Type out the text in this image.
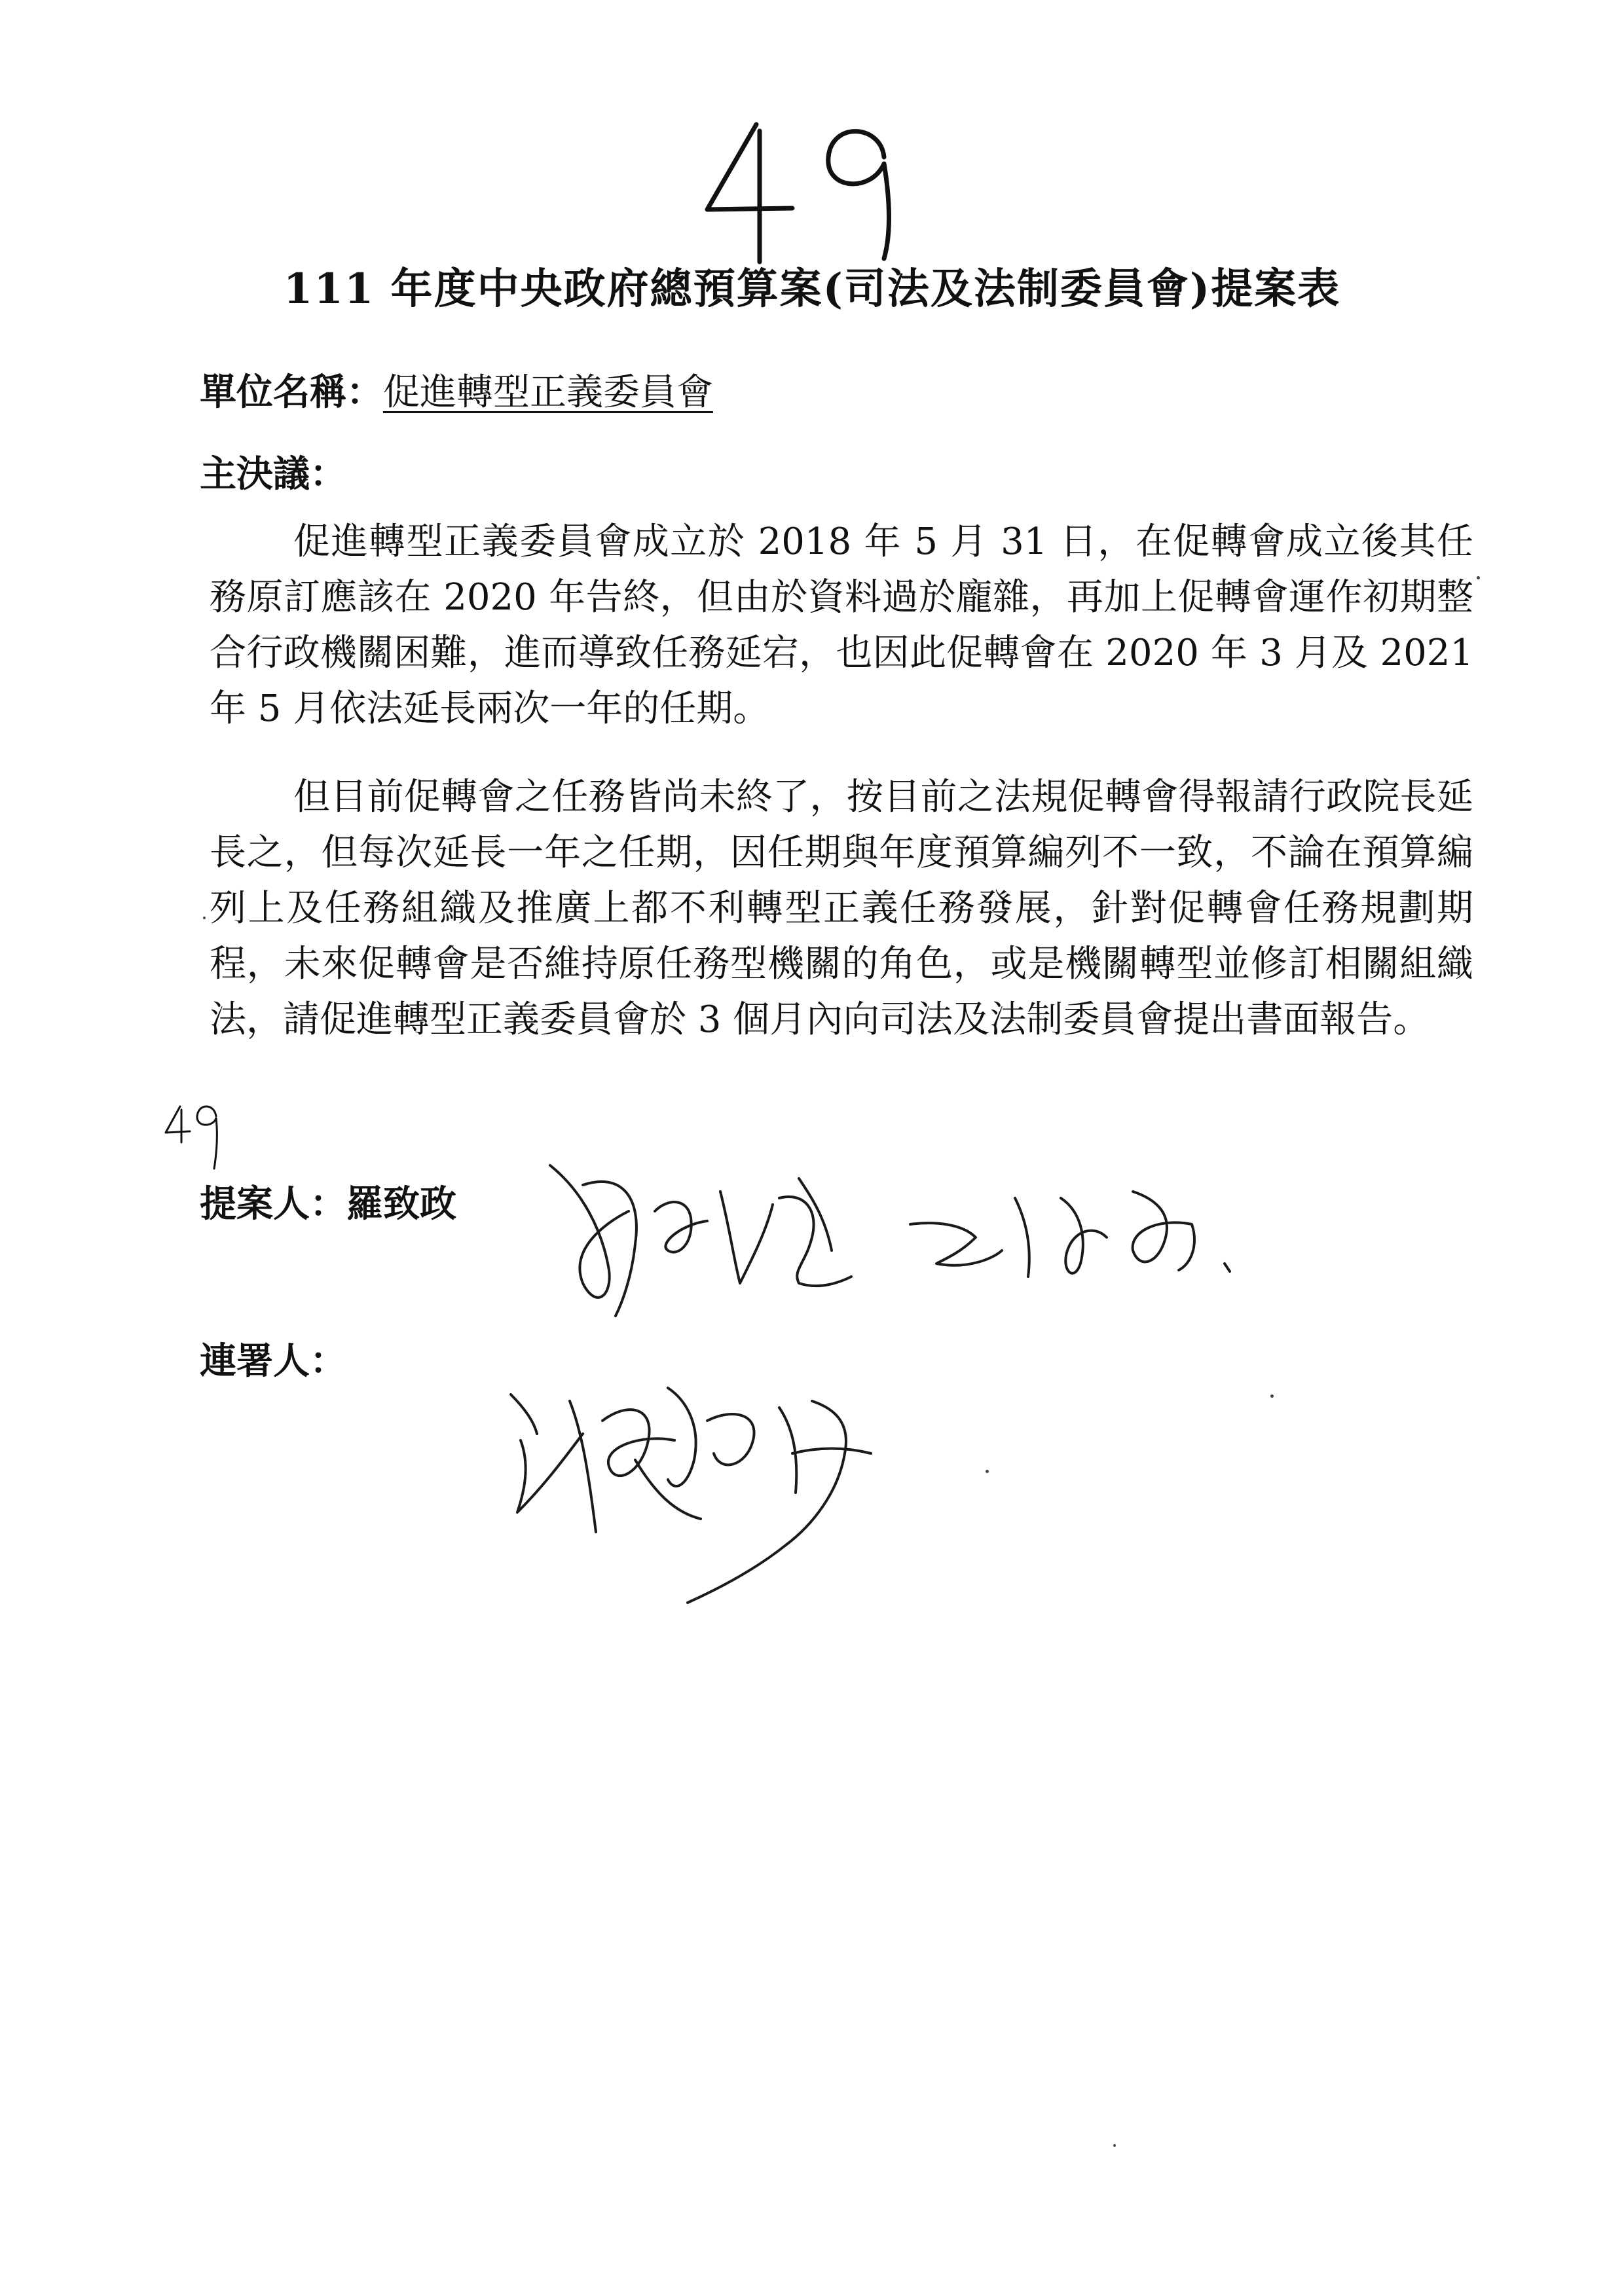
111 年度中央政府總預算案(司法及法制委員會)提案表
單位名稱：促進轉型正義委員會
主決議：

促進轉型正義委員會成立於 2018 年 5 月 31 日，在促轉會成立後其任務原訂應該在 2020 年告終，但由於資料過於龐雜，再加上促轉會運作初期整合行政機關困難，進而導致任務延宕，也因此促轉會在 2020 年 3 月及 2021 年 5 月依法延長兩次一年的任期。

但目前促轉會之任務皆尚未終了，按目前之法規促轉會得報請行政院長延長之，但每次延長一年之任期，因任期與年度預算編列不一致，不論在預算編列上及任務組織及推廣上都不利轉型正義任務發展，針對促轉會任務規劃期程，未來促轉會是否維持原任務型機關的角色，或是機關轉型並修訂相關組織法，請促進轉型正義委員會於 3 個月內向司法及法制委員會提出書面報告。

提案人：羅致政
連署人：
